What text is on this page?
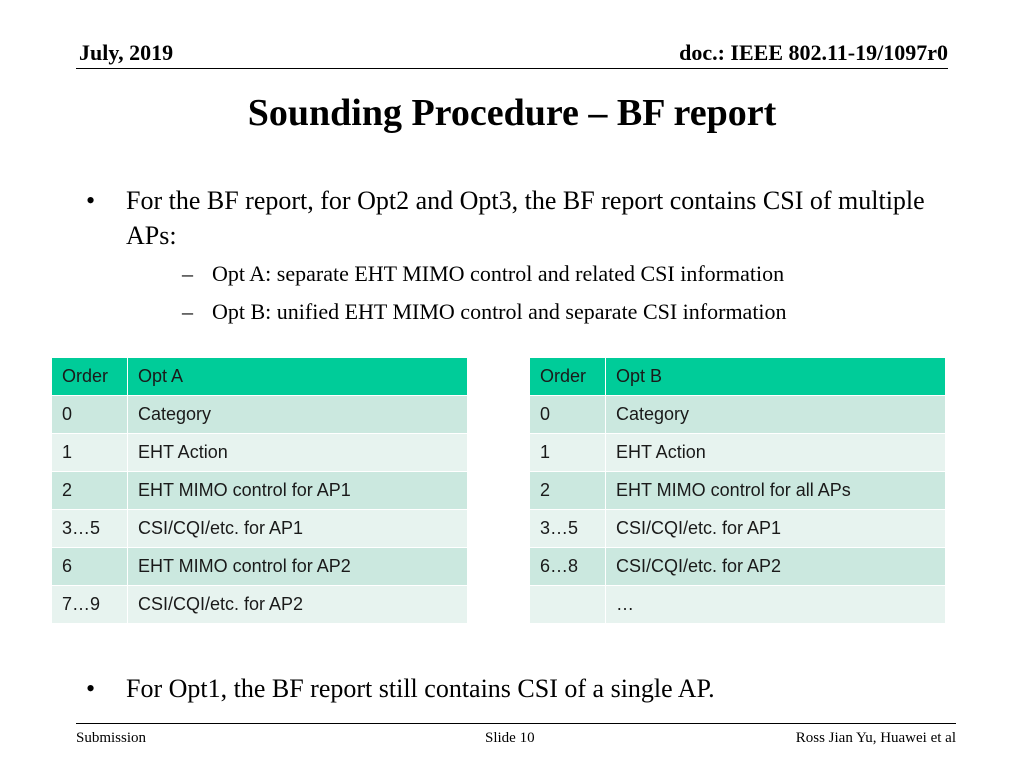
July, 2019	doc.: IEEE 802.11-19/1097r0
Sounding Procedure – BF report
• For the BF report, for Opt2 and Opt3, the BF report contains CSI of multiple APs:
– Opt A: separate EHT MIMO control and related CSI information
– Opt B: unified EHT MIMO control and separate CSI information
Order	Opt A
0	Category
1	EHT Action
2	EHT MIMO control for AP1
3…5	CSI/CQI/etc. for AP1
6	EHT MIMO control for AP2
7…9	CSI/CQI/etc. for AP2
Order	Opt B
0	Category
1	EHT Action
2	EHT MIMO control for all APs
3…5	CSI/CQI/etc. for AP1
6…8	CSI/CQI/etc. for AP2
	…
• For Opt1, the BF report still contains CSI of a single AP.
Submission	Slide 10	Ross Jian Yu, Huawei et al
